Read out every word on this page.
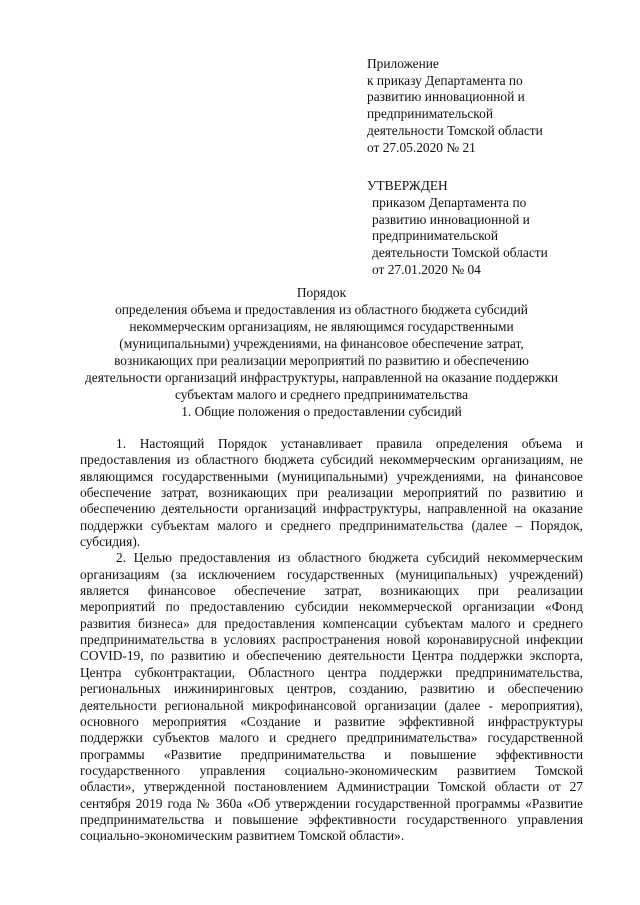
Приложение
к приказу Департамента по
развитию инновационной и
предпринимательской
деятельности Томской области
от 27.05.2020 № 21
УТВЕРЖДЕН
приказом Департамента по
развитию инновационной и
предпринимательской
деятельности Томской области
от 27.01.2020 № 04
Порядок
определения объема и предоставления из областного бюджета субсидий
некоммерческим организациям, не являющимся государственными
(муниципальными) учреждениями, на финансовое обеспечение затрат,
возникающих при реализации мероприятий по развитию и обеспечению
деятельности организаций инфраструктуры, направленной на оказание поддержки
субъектам малого и среднего предпринимательства
1. Общие положения о предоставлении субсидий
1. Настоящий Порядок устанавливает правила определения объема и
предоставления из областного бюджета субсидий некоммерческим организациям, не
являющимся государственными (муниципальными) учреждениями, на финансовое
обеспечение затрат, возникающих при реализации мероприятий по развитию и
обеспечению деятельности организаций инфраструктуры, направленной на оказание
поддержки субъектам малого и среднего предпринимательства (далее – Порядок,
субсидия).
2. Целью предоставления из областного бюджета субсидий некоммерческим
организациям (за исключением государственных (муниципальных) учреждений)
является финансовое обеспечение затрат, возникающих при реализации
мероприятий по предоставлению субсидии некоммерческой организации «Фонд
развития бизнеса» для предоставления компенсации субъектам малого и среднего
предпринимательства в условиях распространения новой коронавирусной инфекции
COVID-19, по развитию и обеспечению деятельности Центра поддержки экспорта,
Центра субконтрактации, Областного центра поддержки предпринимательства,
региональных инжиниринговых центров, созданию, развитию и обеспечению
деятельности региональной микрофинансовой организации (далее - мероприятия),
основного мероприятия «Создание и развитие эффективной инфраструктуры
поддержки субъектов малого и среднего предпринимательства» государственной
программы «Развитие предпринимательства и повышение эффективности
государственного управления социально-экономическим развитием Томской
области», утвержденной постановлением Администрации Томской области от 27
сентября 2019 года № 360а «Об утверждении государственной программы «Развитие
предпринимательства и повышение эффективности государственного управления
социально-экономическим развитием Томской области».
